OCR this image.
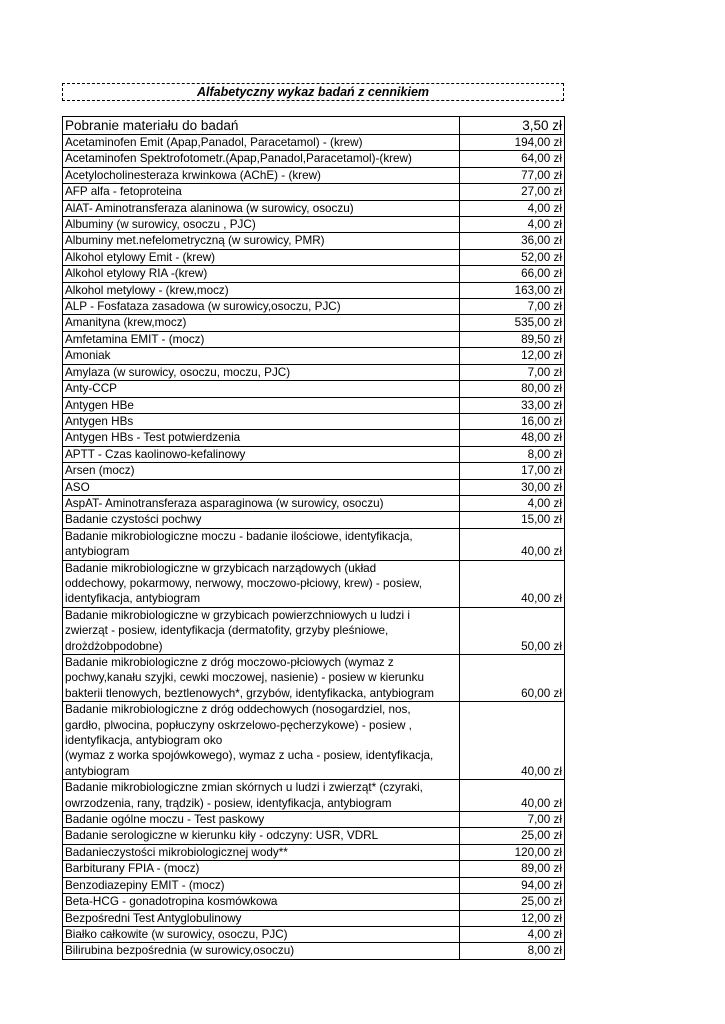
Alfabetyczny wykaz badań z cennikiem
Pobranie materiału do badań	3,50 zł
Acetaminofen Emit (Apap,Panadol, Paracetamol) - (krew)	194,00 zł
Acetaminofen Spektrofotometr.(Apap,Panadol,Paracetamol)-(krew)	64,00 zł
Acetylocholinesteraza krwinkowa (AChE) - (krew)	77,00 zł
AFP alfa - fetoproteina	27,00 zł
AlAT- Aminotransferaza alaninowa (w surowicy, osoczu)	4,00 zł
Albuminy (w surowicy, osoczu , PJC)	4,00 zł
Albuminy met.nefelometryczną (w surowicy, PMR)	36,00 zł
Alkohol etylowy Emit - (krew)	52,00 zł
Alkohol etylowy RIA -(krew)	66,00 zł
Alkohol metylowy - (krew,mocz)	163,00 zł
ALP - Fosfataza zasadowa (w surowicy,osoczu, PJC)	7,00 zł
Amanityna (krew,mocz)	535,00 zł
Amfetamina EMIT - (mocz)	89,50 zł
Amoniak	12,00 zł
Amylaza (w surowicy, osoczu, moczu, PJC)	7,00 zł
Anty-CCP	80,00 zł
Antygen HBe	33,00 zł
Antygen HBs	16,00 zł
Antygen HBs - Test potwierdzenia	48,00 zł
APTT - Czas kaolinowo-kefalinowy	8,00 zł
Arsen (mocz)	17,00 zł
ASO	30,00 zł
AspAT- Aminotransferaza asparaginowa (w surowicy, osoczu)	4,00 zł
Badanie czystości pochwy	15,00 zł
Badanie mikrobiologiczne moczu - badanie ilościowe, identyfikacja,
antybiogram	40,00 zł
Badanie mikrobiologiczne w grzybicach narządowych (układ
oddechowy, pokarmowy, nerwowy, moczowo-płciowy, krew) - posiew,
identyfikacja, antybiogram	40,00 zł
Badanie mikrobiologiczne w grzybicach powierzchniowych u ludzi i
zwierząt - posiew, identyfikacja (dermatofity, grzyby pleśniowe,
drożdżobpodobne)	50,00 zł
Badanie mikrobiologiczne z dróg moczowo-płciowych (wymaz z
pochwy,kanału szyjki, cewki moczowej, nasienie) - posiew w kierunku
bakterii tlenowych, beztlenowych*, grzybów, identyfikacka, antybiogram	60,00 zł
Badanie mikrobiologiczne z dróg oddechowych (nosogardziel, nos,
gardło, plwocina, popłuczyny oskrzelowo-pęcherzykowe) - posiew ,
identyfikacja, antybiogram oko
(wymaz z worka spojówkowego), wymaz z ucha - posiew, identyfikacja,
antybiogram	40,00 zł
Badanie mikrobiologiczne zmian skórnych u ludzi i zwierząt* (czyraki,
owrzodzenia, rany, trądzik) - posiew, identyfikacja, antybiogram	40,00 zł
Badanie ogólne moczu - Test paskowy	7,00 zł
Badanie serologiczne w kierunku kiły - odczyny: USR, VDRL	25,00 zł
Badanieczystości mikrobiologicznej wody**	120,00 zł
Barbiturany FPIA - (mocz)	89,00 zł
Benzodiazepiny EMIT - (mocz)	94,00 zł
Beta-HCG - gonadotropina kosmówkowa	25,00 zł
Bezpośredni Test Antyglobulinowy	12,00 zł
Białko całkowite (w surowicy, osoczu, PJC)	4,00 zł
Bilirubina bezpośrednia (w surowicy,osoczu)	8,00 zł
